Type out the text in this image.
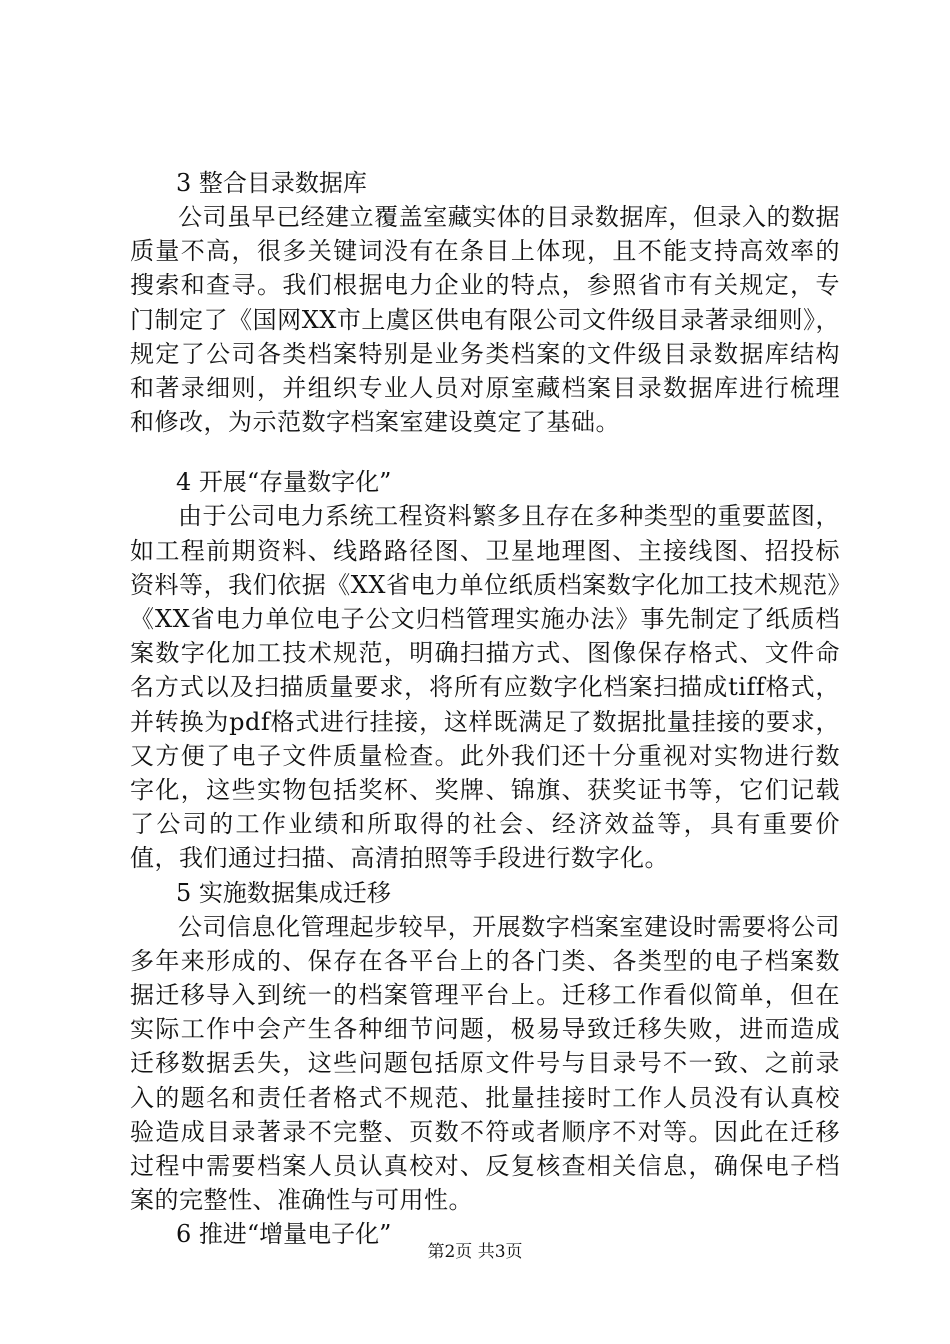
3 整合目录数据库

公司虽早已经建立覆盖室藏实体的目录数据库，但录入的数据质量不高，很多关键词没有在条目上体现，且不能支持高效率的搜索和查寻。我们根据电力企业的特点，参照省市有关规定，专门制定了《国网XX市上虞区供电有限公司文件级目录著录细则》，规定了公司各类档案特别是业务类档案的文件级目录数据库结构和著录细则，并组织专业人员对原室藏档案目录数据库进行梳理和修改，为示范数字档案室建设奠定了基础。

4 开展“存量数字化”

由于公司电力系统工程资料繁多且存在多种类型的重要蓝图，如工程前期资料、线路路径图、卫星地理图、主接线图、招投标资料等，我们依据《XX省电力单位纸质档案数字化加工技术规范》《XX省电力单位电子公文归档管理实施办法》事先制定了纸质档案数字化加工技术规范，明确扫描方式、图像保存格式、文件命名方式以及扫描质量要求，将所有应数字化档案扫描成tiff格式，并转换为pdf格式进行挂接，这样既满足了数据批量挂接的要求，又方便了电子文件质量检查。此外我们还十分重视对实物进行数字化，这些实物包括奖杯、奖牌、锦旗、获奖证书等，它们记载了公司的工作业绩和所取得的社会、经济效益等，具有重要价值，我们通过扫描、高清拍照等手段进行数字化。

5 实施数据集成迁移

公司信息化管理起步较早，开展数字档案室建设时需要将公司多年来形成的、保存在各平台上的各门类、各类型的电子档案数据迁移导入到统一的档案管理平台上。迁移工作看似简单，但在实际工作中会产生各种细节问题，极易导致迁移失败，进而造成迁移数据丢失，这些问题包括原文件号与目录号不一致、之前录入的题名和责任者格式不规范、批量挂接时工作人员没有认真校验造成目录著录不完整、页数不符或者顺序不对等。因此在迁移过程中需要档案人员认真校对、反复核查相关信息，确保电子档案的完整性、准确性与可用性。

6 推进“增量电子化”
第2页 共3页
